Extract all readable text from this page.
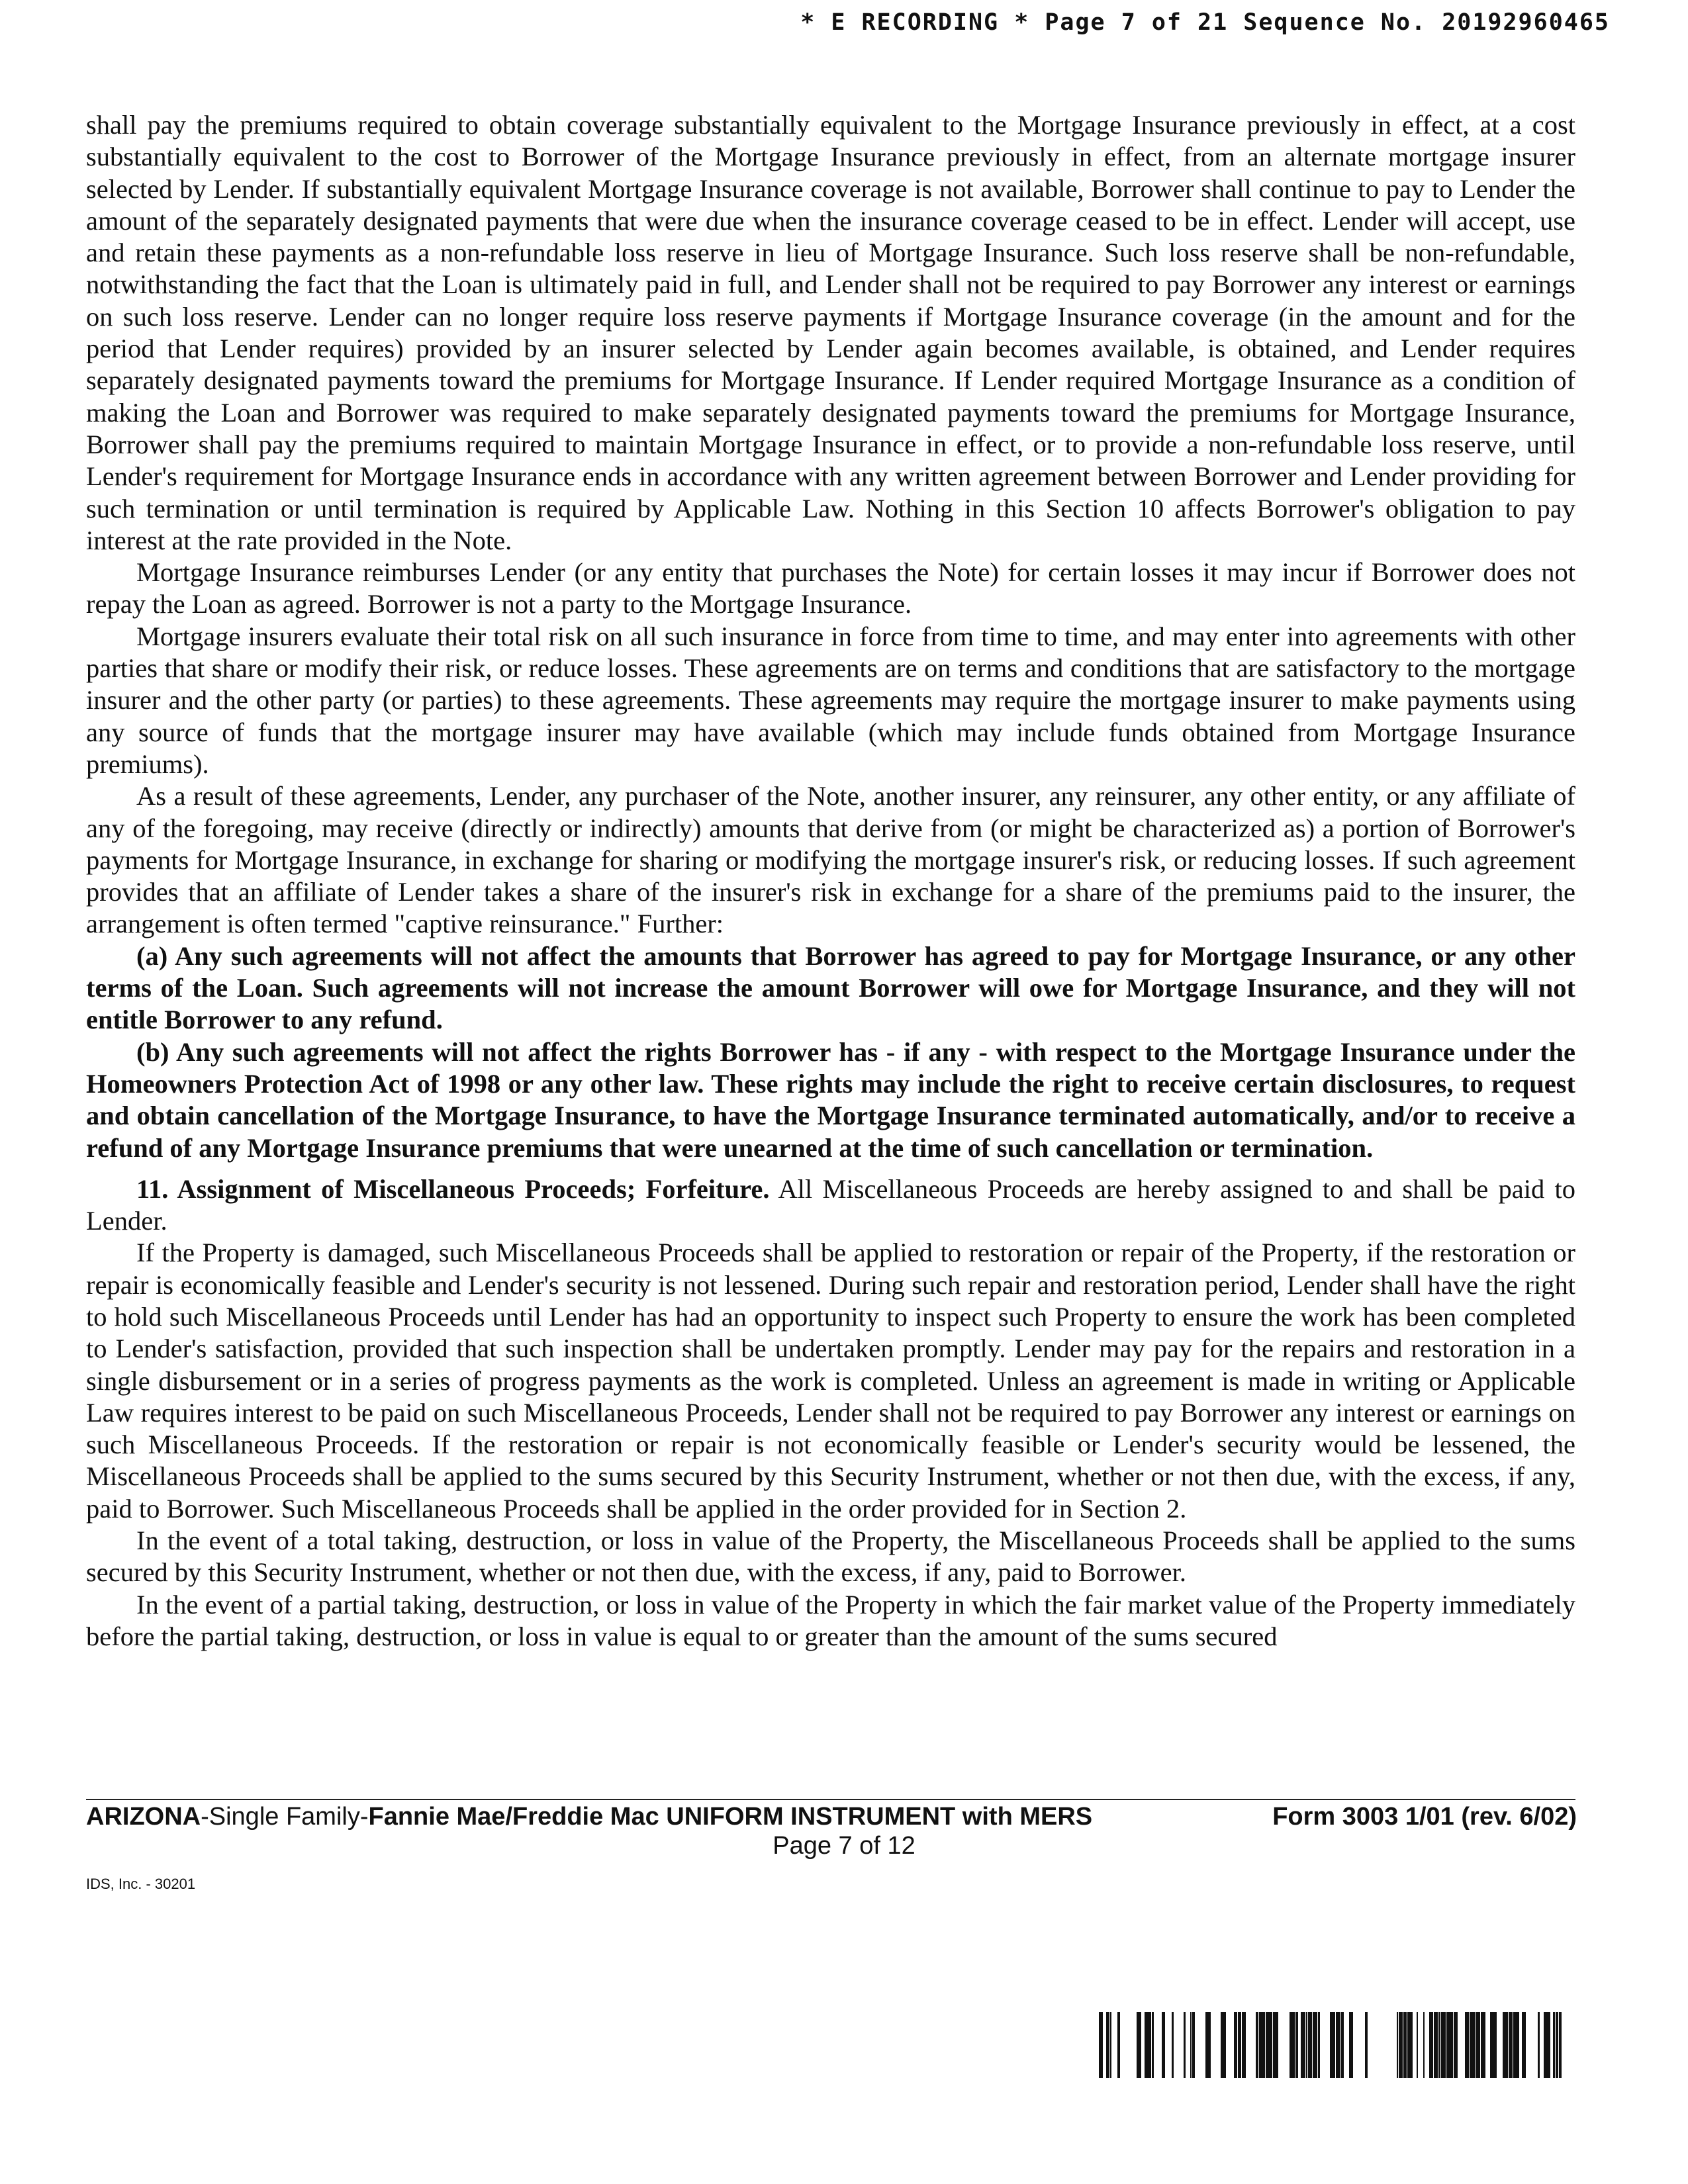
* E RECORDING * Page 7 of 21 Sequence No. 20192960465

shall pay the premiums required to obtain coverage substantially equivalent to the Mortgage Insurance previously in effect, at a cost substantially equivalent to the cost to Borrower of the Mortgage Insurance previously in effect, from an alternate mortgage insurer selected by Lender. If substantially equivalent Mortgage Insurance coverage is not available, Borrower shall continue to pay to Lender the amount of the separately designated payments that were due when the insurance coverage ceased to be in effect. Lender will accept, use and retain these payments as a non-refundable loss reserve in lieu of Mortgage Insurance. Such loss reserve shall be non-refundable, notwithstanding the fact that the Loan is ultimately paid in full, and Lender shall not be required to pay Borrower any interest or earnings on such loss reserve. Lender can no longer require loss reserve payments if Mortgage Insurance coverage (in the amount and for the period that Lender requires) provided by an insurer selected by Lender again becomes available, is obtained, and Lender requires separately designated payments toward the premiums for Mortgage Insurance. If Lender required Mortgage Insurance as a condition of making the Loan and Borrower was required to make separately designated payments toward the premiums for Mortgage Insurance, Borrower shall pay the premiums required to maintain Mortgage Insurance in effect, or to provide a non-refundable loss reserve, until Lender's requirement for Mortgage Insurance ends in accordance with any written agreement between Borrower and Lender providing for such termination or until termination is required by Applicable Law. Nothing in this Section 10 affects Borrower's obligation to pay interest at the rate provided in the Note.

Mortgage Insurance reimburses Lender (or any entity that purchases the Note) for certain losses it may incur if Borrower does not repay the Loan as agreed. Borrower is not a party to the Mortgage Insurance.

Mortgage insurers evaluate their total risk on all such insurance in force from time to time, and may enter into agreements with other parties that share or modify their risk, or reduce losses. These agreements are on terms and conditions that are satisfactory to the mortgage insurer and the other party (or parties) to these agreements. These agreements may require the mortgage insurer to make payments using any source of funds that the mortgage insurer may have available (which may include funds obtained from Mortgage Insurance premiums).

As a result of these agreements, Lender, any purchaser of the Note, another insurer, any reinsurer, any other entity, or any affiliate of any of the foregoing, may receive (directly or indirectly) amounts that derive from (or might be characterized as) a portion of Borrower's payments for Mortgage Insurance, in exchange for sharing or modifying the mortgage insurer's risk, or reducing losses. If such agreement provides that an affiliate of Lender takes a share of the insurer's risk in exchange for a share of the premiums paid to the insurer, the arrangement is often termed "captive reinsurance." Further:

(a) Any such agreements will not affect the amounts that Borrower has agreed to pay for Mortgage Insurance, or any other terms of the Loan. Such agreements will not increase the amount Borrower will owe for Mortgage Insurance, and they will not entitle Borrower to any refund.

(b) Any such agreements will not affect the rights Borrower has - if any - with respect to the Mortgage Insurance under the Homeowners Protection Act of 1998 or any other law. These rights may include the right to receive certain disclosures, to request and obtain cancellation of the Mortgage Insurance, to have the Mortgage Insurance terminated automatically, and/or to receive a refund of any Mortgage Insurance premiums that were unearned at the time of such cancellation or termination.

11. Assignment of Miscellaneous Proceeds; Forfeiture. All Miscellaneous Proceeds are hereby assigned to and shall be paid to Lender.

If the Property is damaged, such Miscellaneous Proceeds shall be applied to restoration or repair of the Property, if the restoration or repair is economically feasible and Lender's security is not lessened. During such repair and restoration period, Lender shall have the right to hold such Miscellaneous Proceeds until Lender has had an opportunity to inspect such Property to ensure the work has been completed to Lender's satisfaction, provided that such inspection shall be undertaken promptly. Lender may pay for the repairs and restoration in a single disbursement or in a series of progress payments as the work is completed. Unless an agreement is made in writing or Applicable Law requires interest to be paid on such Miscellaneous Proceeds, Lender shall not be required to pay Borrower any interest or earnings on such Miscellaneous Proceeds. If the restoration or repair is not economically feasible or Lender's security would be lessened, the Miscellaneous Proceeds shall be applied to the sums secured by this Security Instrument, whether or not then due, with the excess, if any, paid to Borrower. Such Miscellaneous Proceeds shall be applied in the order provided for in Section 2.

In the event of a total taking, destruction, or loss in value of the Property, the Miscellaneous Proceeds shall be applied to the sums secured by this Security Instrument, whether or not then due, with the excess, if any, paid to Borrower.

In the event of a partial taking, destruction, or loss in value of the Property in which the fair market value of the Property immediately before the partial taking, destruction, or loss in value is equal to or greater than the amount of the sums secured

ARIZONA-Single Family-Fannie Mae/Freddie Mac UNIFORM INSTRUMENT with MERS	Form 3003 1/01 (rev. 6/02)
Page 7 of 12
IDS, Inc. - 30201
